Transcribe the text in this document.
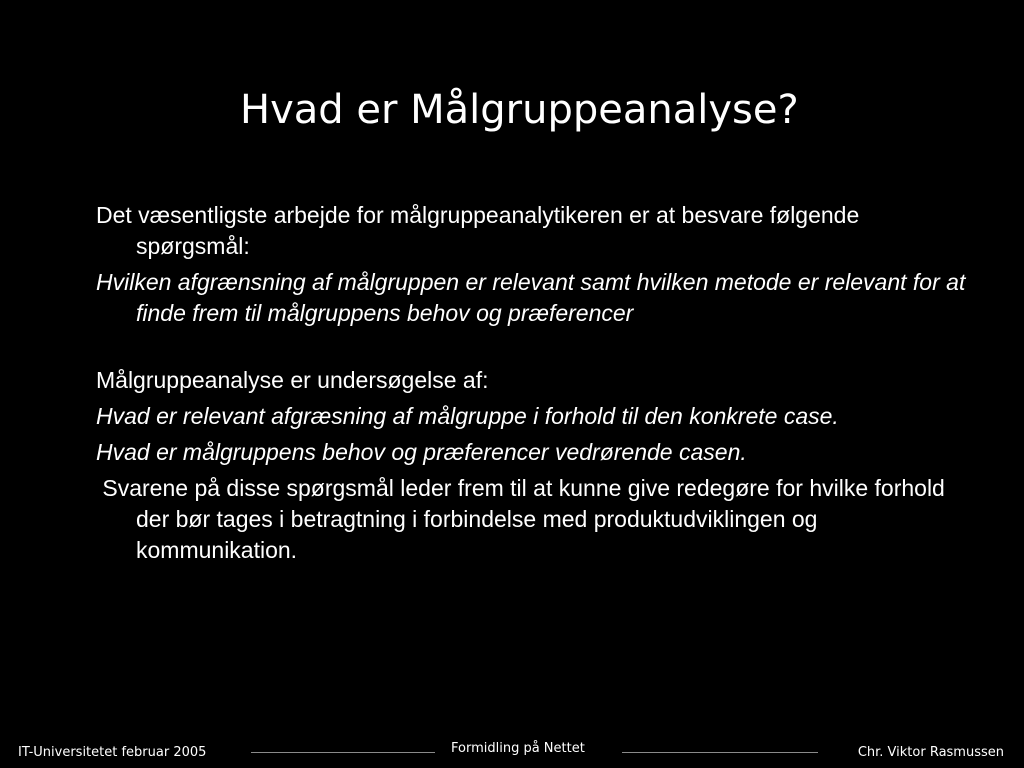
Hvad er Målgruppeanalyse?

Det væsentligste arbejde for målgruppeanalytikeren er at besvare følgende spørgsmål:

Hvilken afgrænsning af målgruppen er relevant samt hvilken metode er relevant for at finde frem til målgruppens behov og præferencer

Målgruppeanalyse er undersøgelse af:

Hvad er relevant afgræsning af målgruppe i forhold til den konkrete case.

Hvad er målgruppens behov og præferencer vedrørende casen.

Svarene på disse spørgsmål leder frem til at kunne give redegøre for hvilke forhold der bør tages i betragtning i forbindelse med produktudviklingen og kommunikation.

IT-Universitetet februar 2005	Formidling på Nettet	Chr. Viktor Rasmussen
